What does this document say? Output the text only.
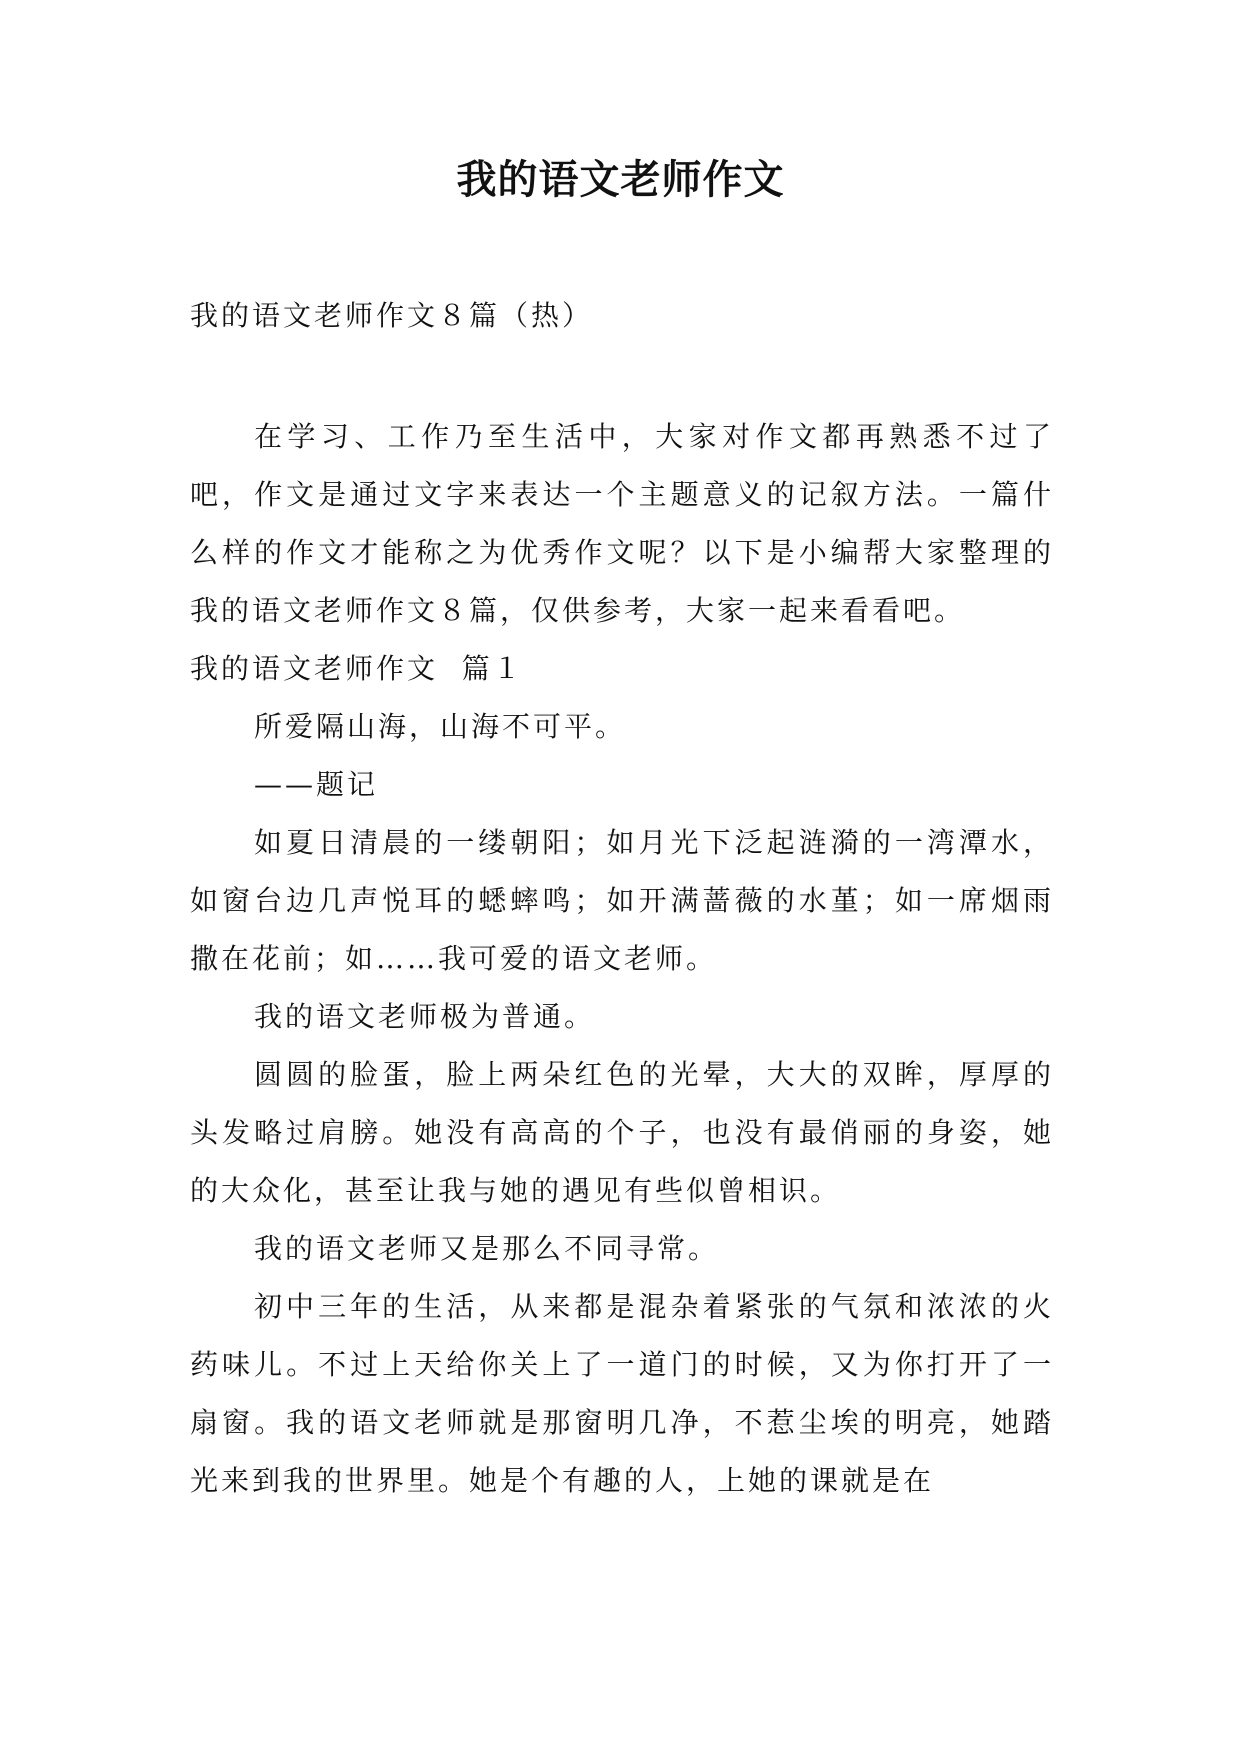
我的语文老师作文
我的语文老师作文８篇（热）

在学习、工作乃至生活中，大家对作文都再熟悉不过了吧，作文是通过文字来表达一个主题意义的记叙方法。一篇什么样的作文才能称之为优秀作文呢？以下是小编帮大家整理的我的语文老师作文８篇，仅供参考，大家一起来看看吧。

我的语文老师作文  篇１

所爱隔山海，山海不可平。

——题记

如夏日清晨的一缕朝阳；如月光下泛起涟漪的一湾潭水，如窗台边几声悦耳的蟋蟀鸣；如开满蔷薇的水堇；如一席烟雨撒在花前；如……我可爱的语文老师。

我的语文老师极为普通。

圆圆的脸蛋，脸上两朵红色的光晕，大大的双眸，厚厚的头发略过肩膀。她没有高高的个子，也没有最俏丽的身姿，她的大众化，甚至让我与她的遇见有些似曾相识。

我的语文老师又是那么不同寻常。

初中三年的生活，从来都是混杂着紧张的气氛和浓浓的火药味儿。不过上天给你关上了一道门的时候，又为你打开了一扇窗。我的语文老师就是那窗明几净，不惹尘埃的明亮，她踏光来到我的世界里。她是个有趣的人，上她的课就是在
